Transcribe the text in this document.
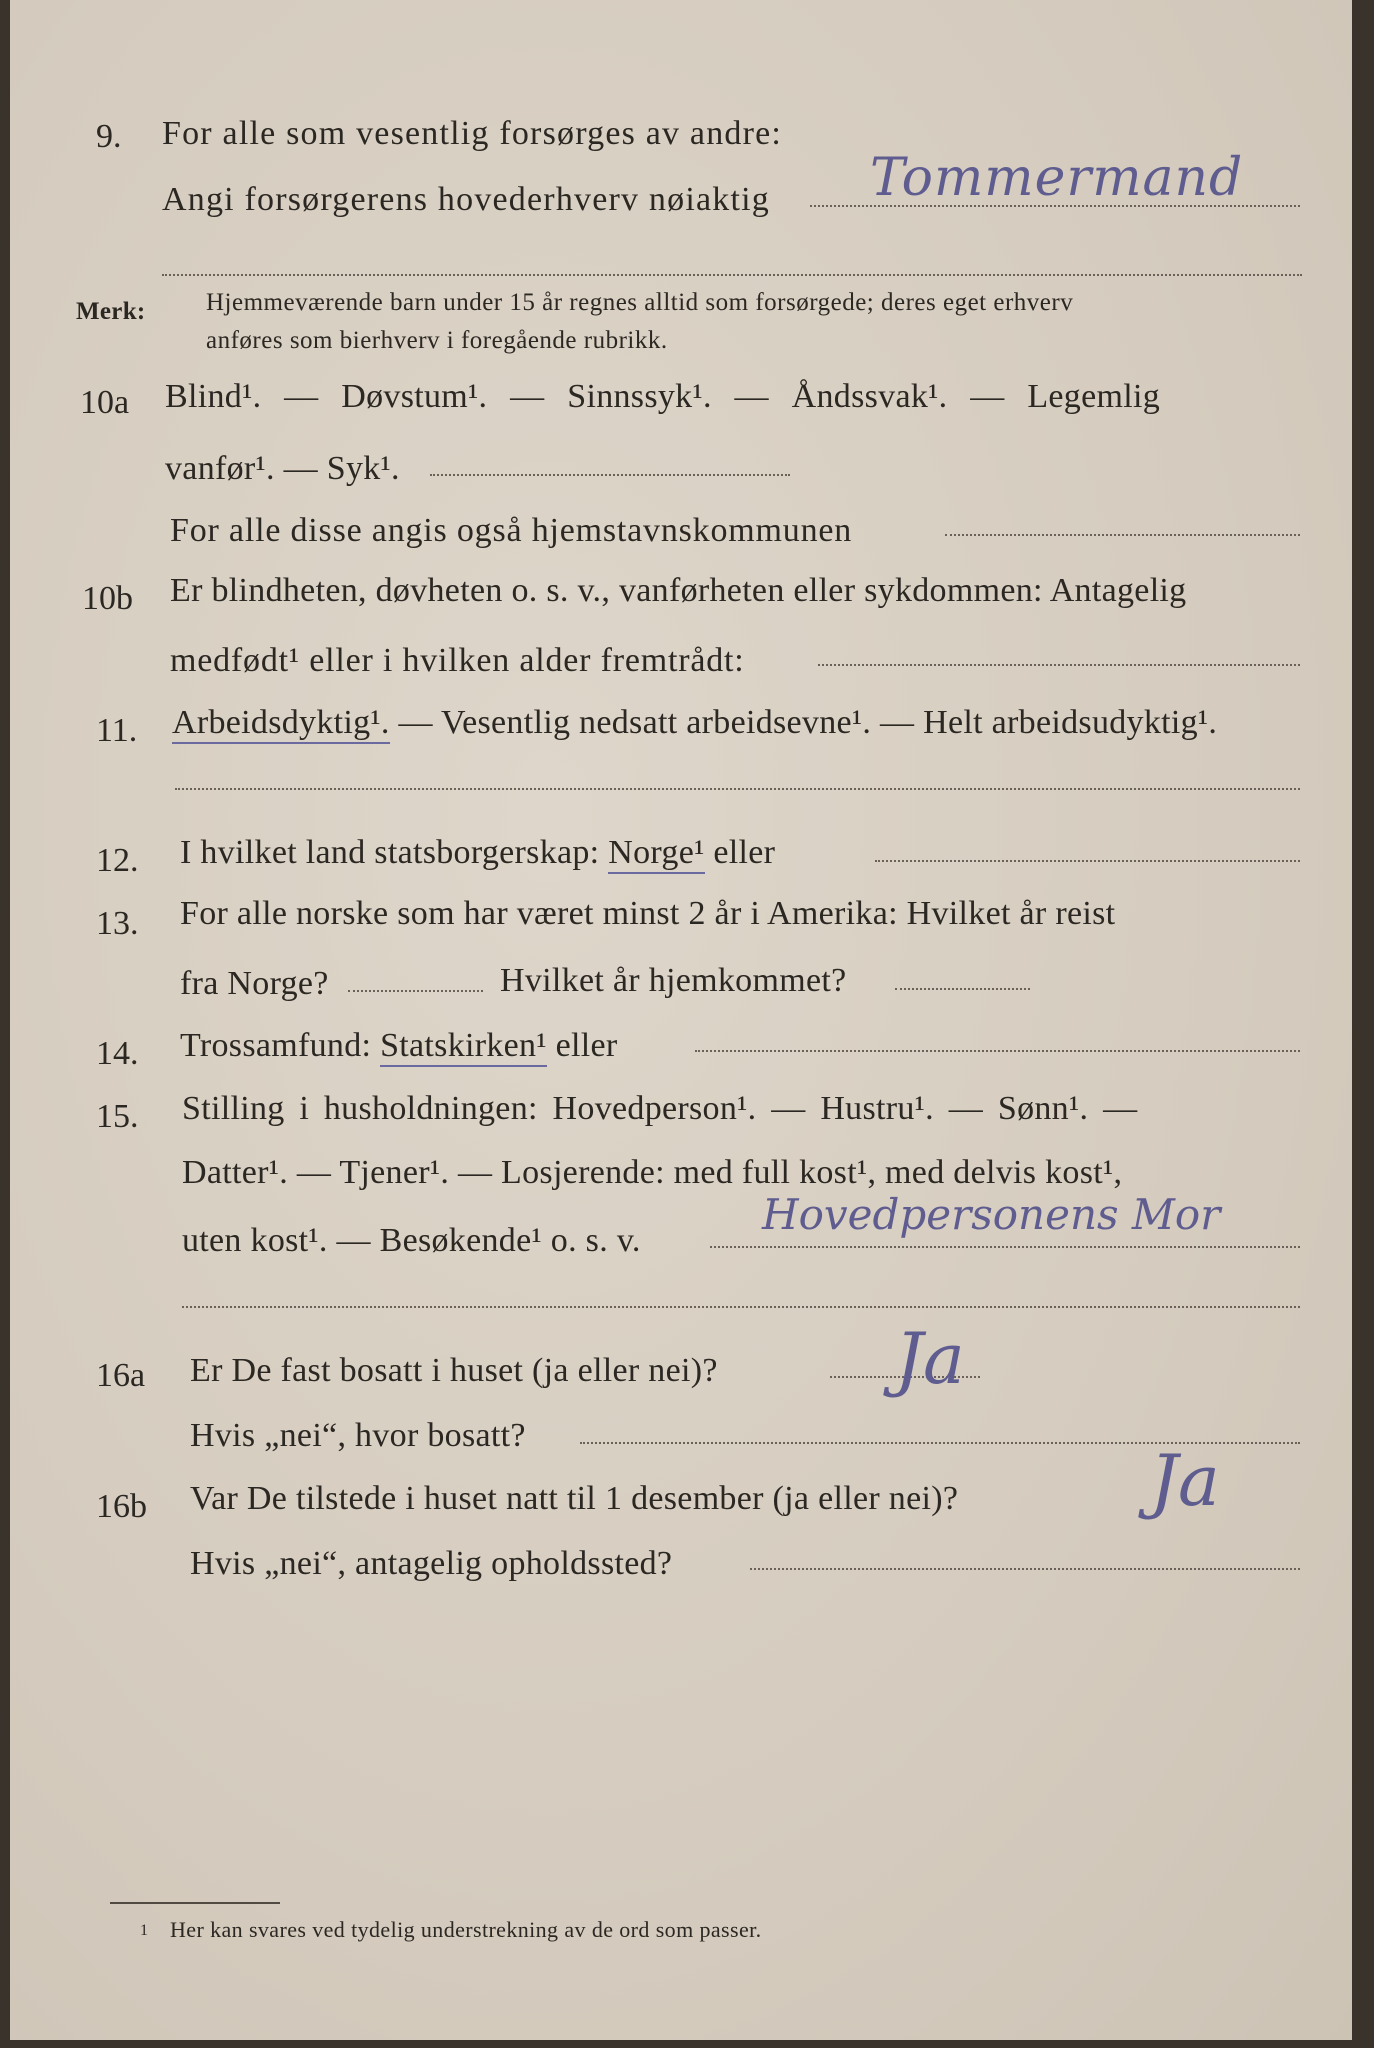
9. For alle som vesentlig forsørges av andre:
Angi forsørgerens hovederhverv nøiaktig Tommermand
Merk: Hjemmeværende barn under 15 år regnes alltid som forsørgede; deres eget erhverv
anføres som bierhverv i foregående rubrikk.
10a Blind¹. — Døvstum¹. — Sinnssyk¹. — Åndssvak¹. — Legemlig
vanfør¹. — Syk¹.
For alle disse angis også hjemstavnskommunen
10b Er blindheten, døvheten o. s. v., vanførheten eller sykdommen: Antagelig
medfødt¹ eller i hvilken alder fremtrådt:
11. Arbeidsdyktig¹. — Vesentlig nedsatt arbeidsevne¹. — Helt arbeidsudyktig¹.
12. I hvilket land statsborgerskap: Norge¹ eller
13. For alle norske som har været minst 2 år i Amerika: Hvilket år reist
fra Norge?	Hvilket år hjemkommet?
14. Trossamfund: Statskirken¹ eller
15. Stilling i husholdningen: Hovedperson¹. — Hustru¹. — Sønn¹. —
Datter¹. — Tjener¹. — Losjerende: med full kost¹, med delvis kost¹,
uten kost¹. — Besøkende¹ o. s. v.
Hovedpersonens Mor
16a Er De fast bosatt i huset (ja eller nei)?	Ja
Hvis „nei“, hvor bosatt?
16b Var De tilstede i huset natt til 1 desember (ja eller nei)?	Ja
Hvis „nei“, antagelig opholdssted?
1 Her kan svares ved tydelig understrekning av de ord som passer.
